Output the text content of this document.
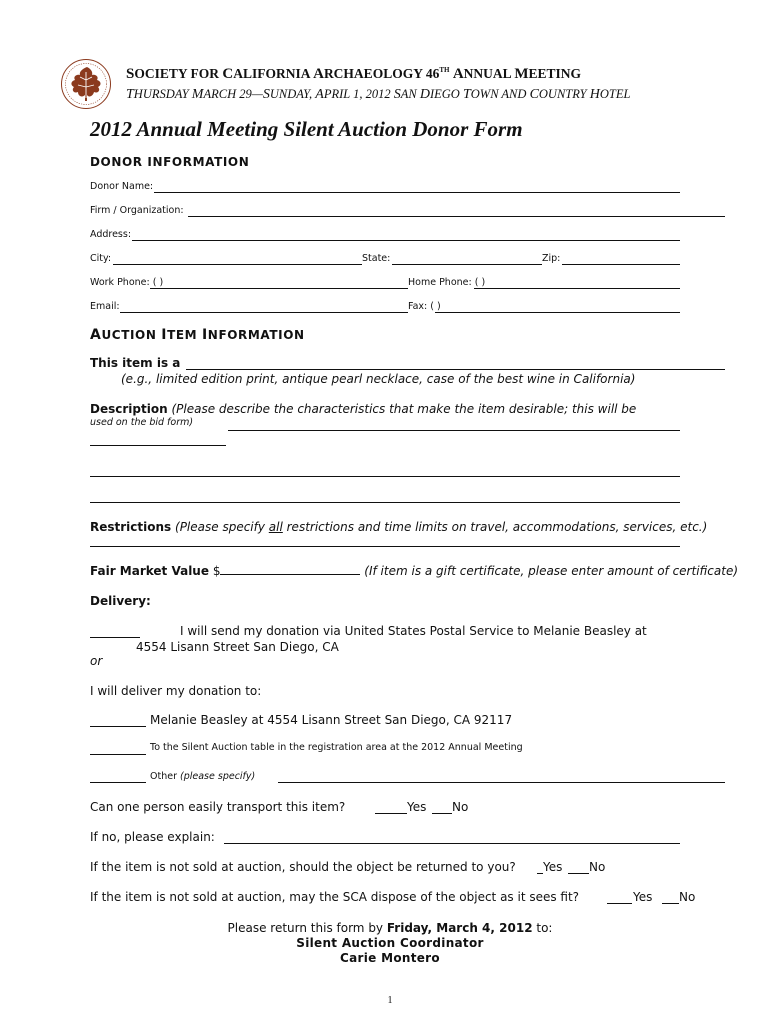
SOCIETY FOR CALIFORNIA ARCHAEOLOGY 46TH ANNUAL MEETING
THURSDAY MARCH 29—SUNDAY, APRIL 1, 2012 SAN DIEGO TOWN AND COUNTRY HOTEL
2012 Annual Meeting Silent Auction Donor Form
DONOR INFORMATION
Donor Name:
Firm / Organization:
Address:
City:	State:	Zip:
Work Phone: ( )	Home Phone: ( )
Email:	Fax: ( )
AUCTION ITEM INFORMATION
This item is a
(e.g., limited edition print, antique pearl necklace, case of the best wine in California)
Description (Please describe the characteristics that make the item desirable; this will be
used on the bid form)
Restrictions (Please specify all restrictions and time limits on travel, accommodations, services, etc.)
Fair Market Value $	(If item is a gift certificate, please enter amount of certificate)
Delivery:
I will send my donation via United States Postal Service to Melanie Beasley at
4554 Lisann Street San Diego, CA
or
I will deliver my donation to:
Melanie Beasley at 4554 Lisann Street San Diego, CA 92117
To the Silent Auction table in the registration area at the 2012 Annual Meeting
Other (please specify)
Can one person easily transport this item?	Yes No
If no, please explain:
If the item is not sold at auction, should the object be returned to you? Yes No
If the item is not sold at auction, may the SCA dispose of the object as it sees fit?	Yes No
Please return this form by Friday, March 4, 2012 to:
Silent Auction Coordinator
Carie Montero
1
